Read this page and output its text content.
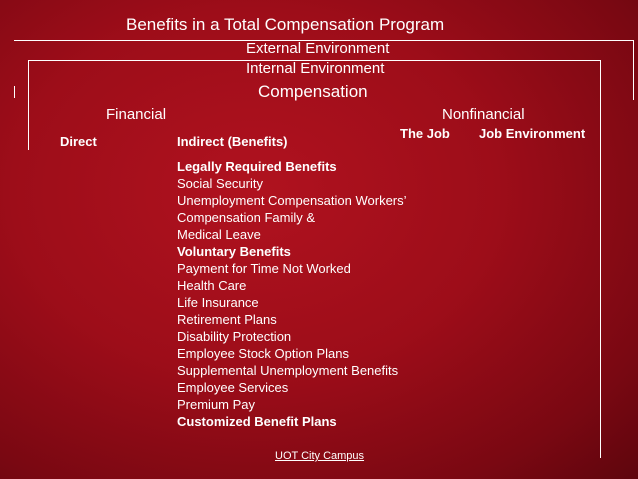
Benefits in a Total Compensation Program
External Environment
Internal Environment
Compensation
Financial	Nonfinancial
Direct	Indirect (Benefits)
The Job Job Environment
Legally Required Benefits
Social Security
Unemployment Compensation Workers’
Compensation Family &
Medical Leave
Voluntary Benefits
Payment for Time Not Worked
Health Care
Life Insurance
Retirement Plans
Disability Protection
Employee Stock Option Plans
Supplemental Unemployment Benefits
Employee Services
Premium Pay
Customized Benefit Plans
UOT City Campus
